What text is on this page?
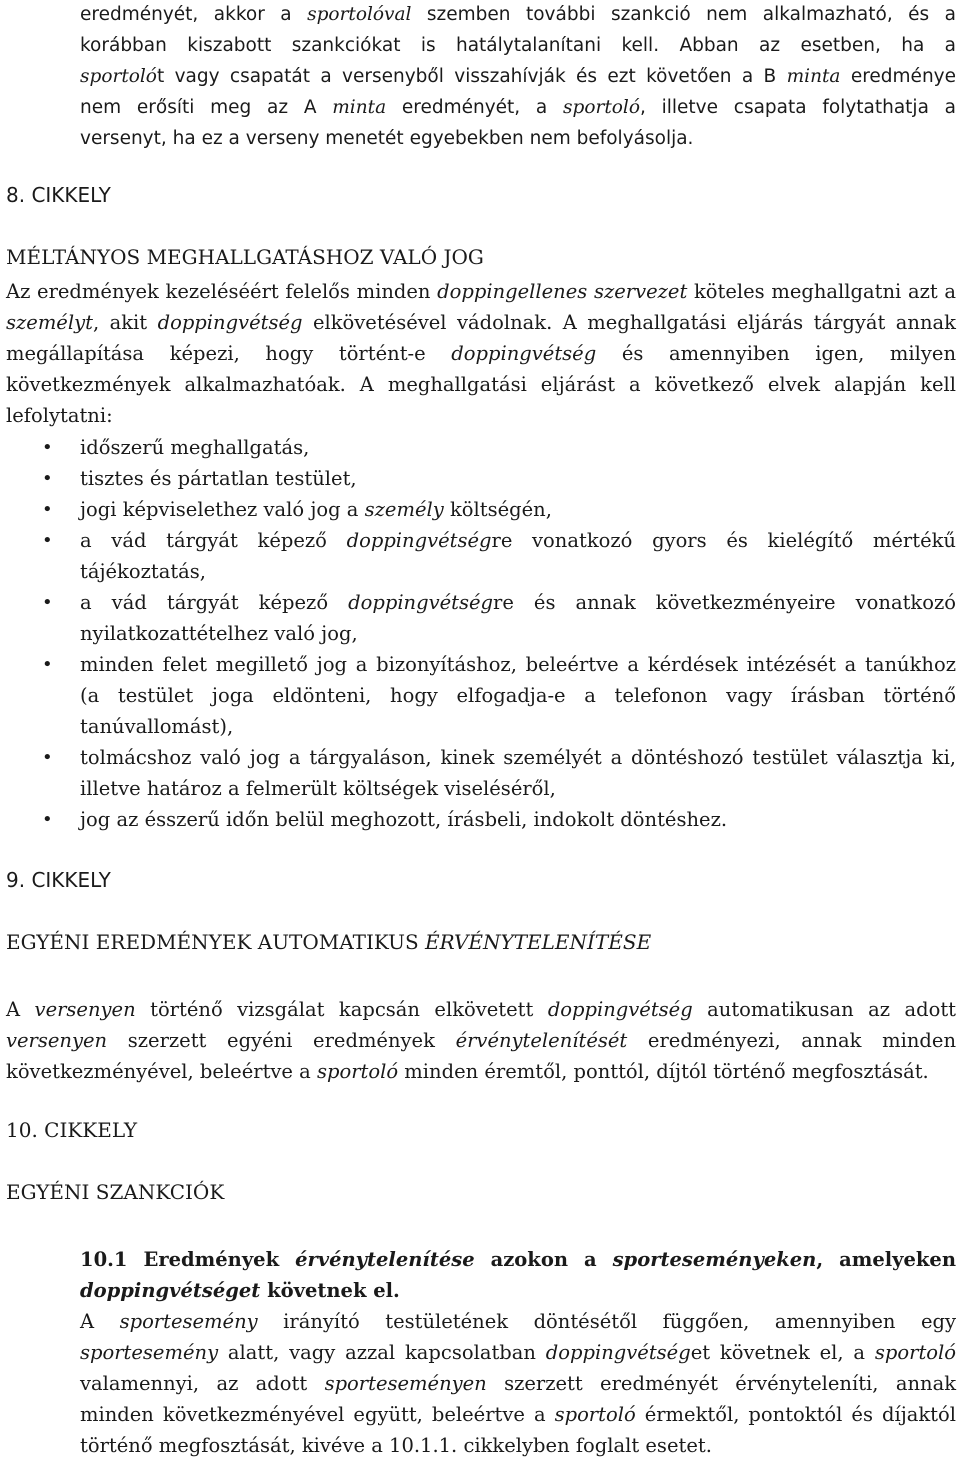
eredményét, akkor a sportolóval szemben további szankció nem alkalmazható, és a
korábban kiszabott szankciókat is hatálytalanítani kell. Abban az esetben, ha a
sportolót vagy csapatát a versenyből visszahívják és ezt követően a B minta eredménye
nem erősíti meg az A minta eredményét, a sportoló, illetve csapata folytathatja a
versenyt, ha ez a verseny menetét egyebekben nem befolyásolja.
8. CIKKELY
MÉLTÁNYOS MEGHALLGATÁSHOZ VALÓ JOG
Az eredmények kezeléséért felelős minden doppingellenes szervezet köteles meghallgatni azt a
személyt, akit doppingvétség elkövetésével vádolnak. A meghallgatási eljárás tárgyát annak
megállapítása képezi, hogy történt-e doppingvétség és amennyiben igen, milyen
következmények alkalmazhatóak. A meghallgatási eljárást a következő elvek alapján kell
lefolytatni:
• időszerű meghallgatás,
• tisztes és pártatlan testület,
• jogi képviselethez való jog a személy költségén,
• a vád tárgyát képező doppingvétségre vonatkozó gyors és kielégítő mértékű
tájékoztatás,
• a vád tárgyát képező doppingvétségre és annak következményeire vonatkozó
nyilatkozattételhez való jog,
• minden felet megillető jog a bizonyításhoz, beleértve a kérdések intézését a tanúkhoz
(a testület joga eldönteni, hogy elfogadja-e a telefonon vagy írásban történő
tanúvallomást),
• tolmácshoz való jog a tárgyaláson, kinek személyét a döntéshozó testület választja ki,
illetve határoz a felmerült költségek viseléséről,
• jog az ésszerű időn belül meghozott, írásbeli, indokolt döntéshez.
9. CIKKELY
EGYÉNI EREDMÉNYEK AUTOMATIKUS ÉRVÉNYTELENÍTÉSE
A versenyen történő vizsgálat kapcsán elkövetett doppingvétség automatikusan az adott
versenyen szerzett egyéni eredmények érvénytelenítését eredményezi, annak minden
következményével, beleértve a sportoló minden éremtől, ponttól, díjtól történő megfosztását.
10. CIKKELY
EGYÉNI SZANKCIÓK
10.1 Eredmények érvénytelenítése azokon a sporteseményeken, amelyeken
doppingvétséget követnek el.
A sportesemény irányító testületének döntésétől függően, amennyiben egy
sportesemény alatt, vagy azzal kapcsolatban doppingvétséget követnek el, a sportoló
valamennyi, az adott sporteseményen szerzett eredményét érvényteleníti, annak
minden következményével együtt, beleértve a sportoló érmektől, pontoktól és díjaktól
történő megfosztását, kivéve a 10.1.1. cikkelyben foglalt esetet.
